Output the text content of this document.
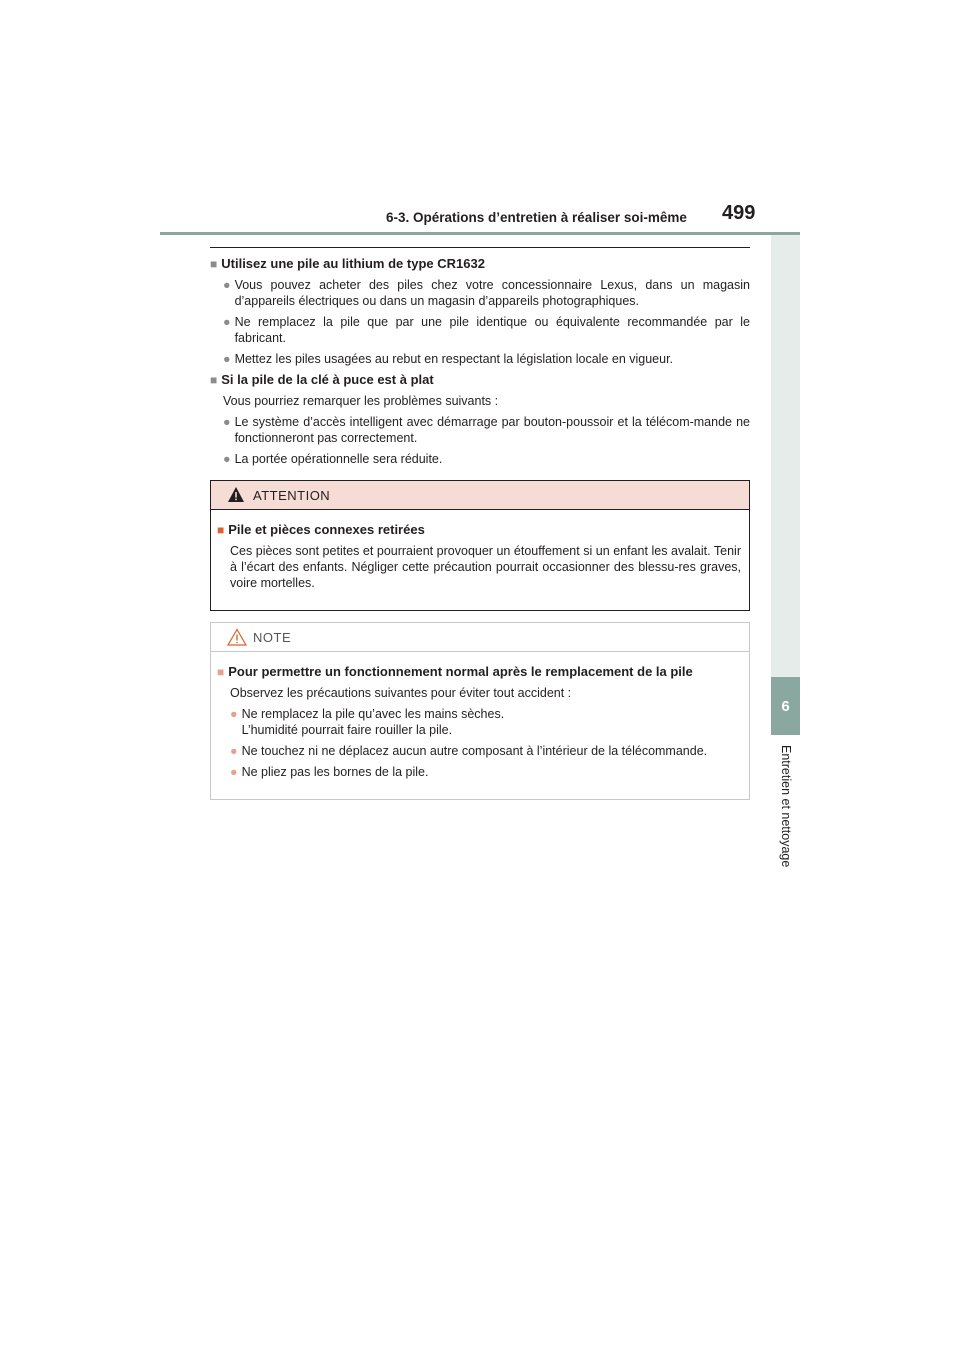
6-3. Opérations d’entretien à réaliser soi-même 499
6
Entretien et nettoyage
■ Utilisez une pile au lithium de type CR1632
● Vous pouvez acheter des piles chez votre concessionnaire Lexus, dans un magasin d’appareils électriques ou dans un magasin d’appareils photographiques.
● Ne remplacez la pile que par une pile identique ou équivalente recommandée par le fabricant.
● Mettez les piles usagées au rebut en respectant la législation locale en vigueur.
■ Si la pile de la clé à puce est à plat
Vous pourriez remarquer les problèmes suivants :
● Le système d’accès intelligent avec démarrage par bouton-poussoir et la télécom-mande ne fonctionneront pas correctement.
● La portée opérationnelle sera réduite.
ATTENTION
■ Pile et pièces connexes retirées
Ces pièces sont petites et pourraient provoquer un étouffement si un enfant les avalait. Tenir à l’écart des enfants. Négliger cette précaution pourrait occasionner des blessu-res graves, voire mortelles.
NOTE
■ Pour permettre un fonctionnement normal après le remplacement de la pile
Observez les précautions suivantes pour éviter tout accident :
● Ne remplacez la pile qu’avec les mains sèches.
L’humidité pourrait faire rouiller la pile.
● Ne touchez ni ne déplacez aucun autre composant à l’intérieur de la télécommande.
● Ne pliez pas les bornes de la pile.
